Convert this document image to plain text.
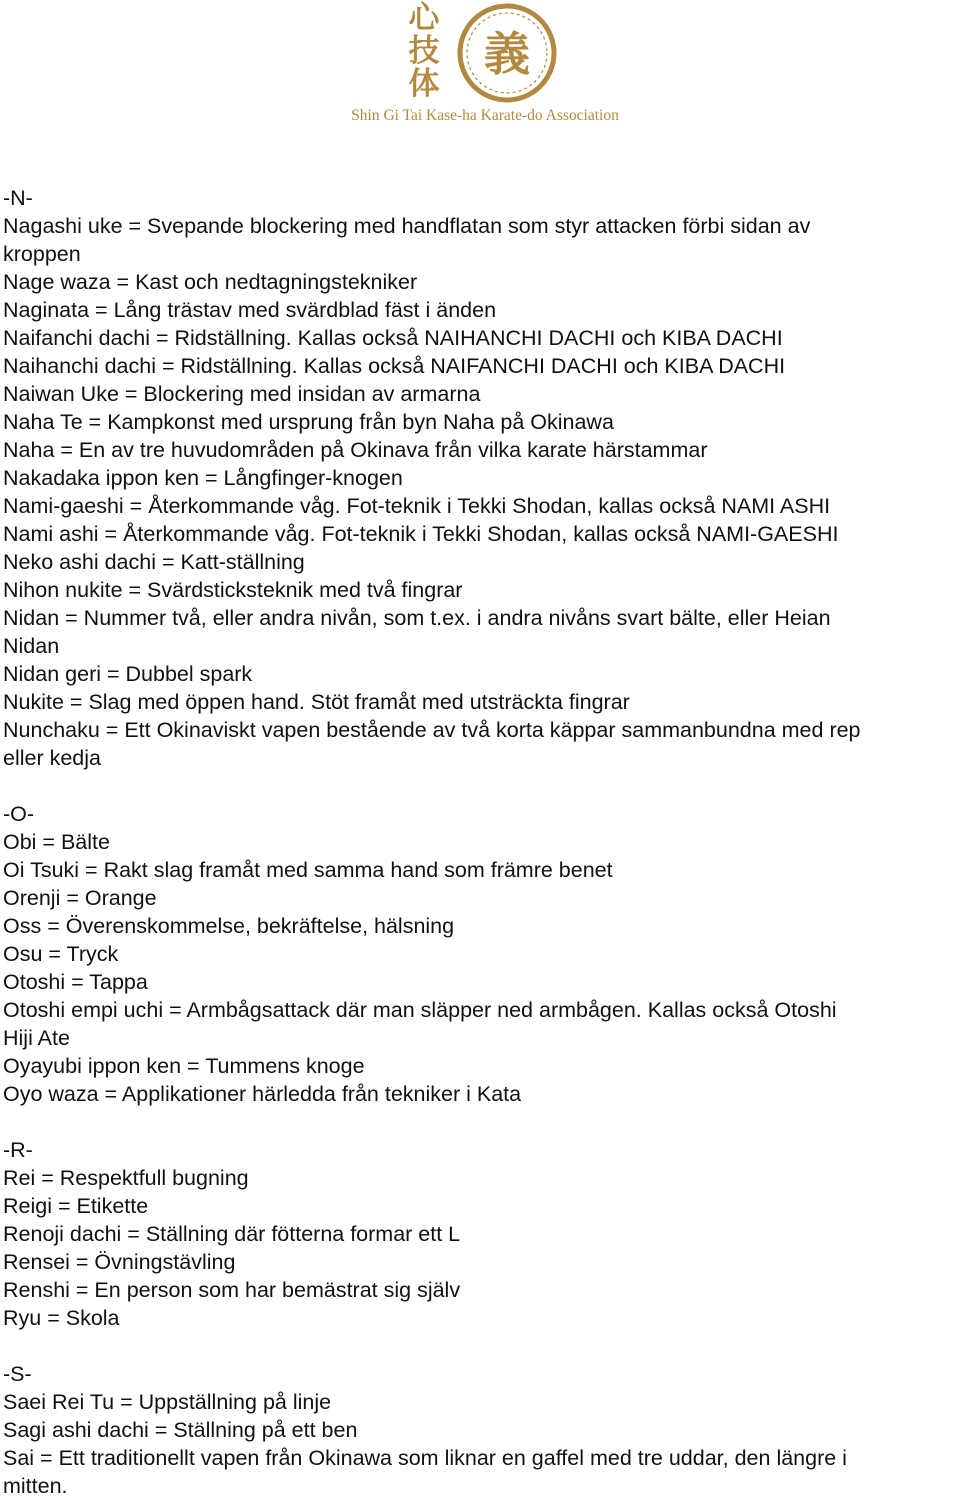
心
技
体
義
Shin Gi Tai Kase-ha Karate-do Association
-N-
Nagashi uke = Svepande blockering med handflatan som styr attacken förbi sidan av
kroppen
Nage waza = Kast och nedtagningstekniker
Naginata = Lång trästav med svärdblad fäst i änden
Naifanchi dachi = Ridställning. Kallas också NAIHANCHI DACHI och KIBA DACHI
Naihanchi dachi = Ridställning. Kallas också NAIFANCHI DACHI och KIBA DACHI
Naiwan Uke = Blockering med insidan av armarna
Naha Te = Kampkonst med ursprung från byn Naha på Okinawa
Naha = En av tre huvudområden på Okinava från vilka karate härstammar
Nakadaka ippon ken = Långfinger-knogen
Nami-gaeshi = Återkommande våg. Fot-teknik i Tekki Shodan, kallas också NAMI ASHI
Nami ashi = Återkommande våg. Fot-teknik i Tekki Shodan, kallas också NAMI-GAESHI
Neko ashi dachi = Katt-ställning
Nihon nukite = Svärdsticksteknik med två fingrar
Nidan = Nummer två, eller andra nivån, som t.ex. i andra nivåns svart bälte, eller Heian
Nidan
Nidan geri = Dubbel spark
Nukite = Slag med öppen hand. Stöt framåt med utsträckta fingrar
Nunchaku = Ett Okinaviskt vapen bestående av två korta käppar sammanbundna med rep
eller kedja
-O-
Obi = Bälte
Oi Tsuki = Rakt slag framåt med samma hand som främre benet
Orenji = Orange
Oss = Överenskommelse, bekräftelse, hälsning
Osu = Tryck
Otoshi = Tappa
Otoshi empi uchi = Armbågsattack där man släpper ned armbågen. Kallas också Otoshi
Hiji Ate
Oyayubi ippon ken = Tummens knoge
Oyo waza = Applikationer härledda från tekniker i Kata
-R-
Rei = Respektfull bugning
Reigi = Etikette
Renoji dachi = Ställning där fötterna formar ett L
Rensei = Övningstävling
Renshi = En person som har bemästrat sig själv
Ryu = Skola
-S-
Saei Rei Tu = Uppställning på linje
Sagi ashi dachi = Ställning på ett ben
Sai = Ett traditionellt vapen från Okinawa som liknar en gaffel med tre uddar, den längre i
mitten.
